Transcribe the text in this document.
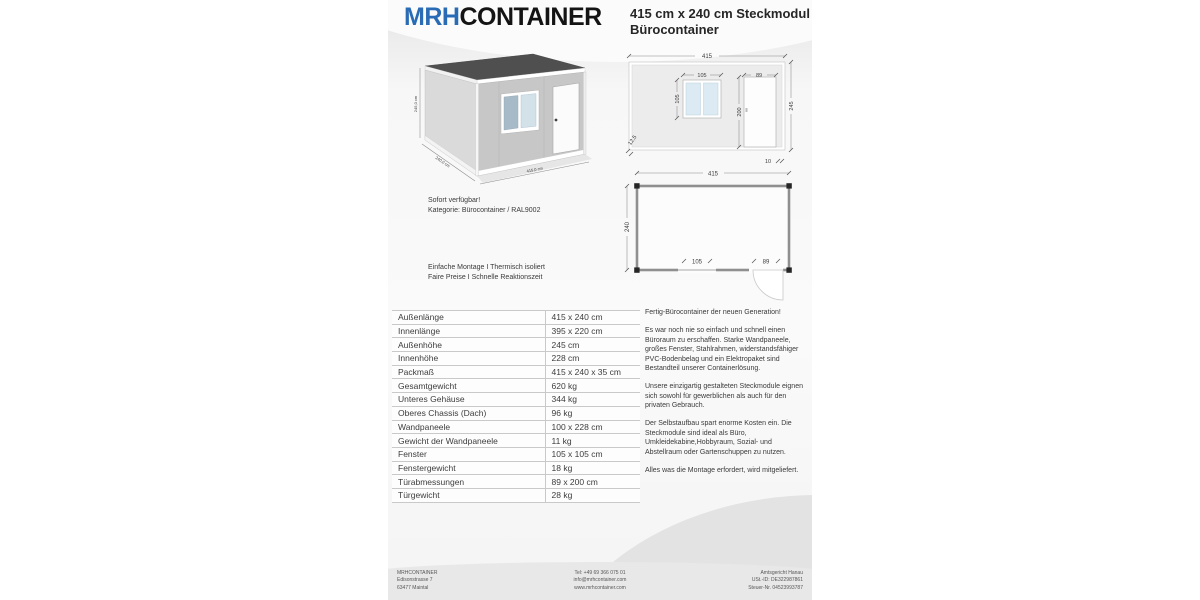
MRHCONTAINER 415 cm x 240 cm Steckmodul
Bürocontainer
245,0 cm
240,0 cm
415,0 cm
Sofort verfügbar!
Kategorie: Bürocontainer / RAL9002
Einfache Montage I Thermisch isoliert
Faire Preise I Schnelle Reaktionszeit
415
105	89
105
200
245
12,5
10
415
240
105	89
Außenlänge	415 x 240 cm
Innenlänge	395 x 220 cm
Außenhöhe	245 cm
Innenhöhe	228 cm
Packmaß	415 x 240 x 35 cm
Gesamtgewicht	620 kg
Unteres Gehäuse	344 kg
Oberes Chassis (Dach)	96 kg
Wandpaneele	100 x 228 cm
Gewicht der Wandpaneele	11 kg
Fenster	105 x 105 cm
Fenstergewicht	18 kg
Türabmessungen	89 x 200 cm
Türgewicht	28 kg

Fertig-Bürocontainer der neuen Generation!

Es war noch nie so einfach und schnell einen Büroraum zu erschaffen. Starke Wandpaneele, großes Fenster, Stahlrahmen, widerstandsfähiger PVC-Bodenbelag und ein Elektropaket sind Bestandteil unserer Containerlösung.

Unsere einzigartig gestalteten Steckmodule eignen sich sowohl für gewerblichen als auch für den privaten Gebrauch.

Der Selbstaufbau spart enorme Kosten ein. Die Steckmodule sind ideal als Büro, Umkleidekabine,Hobbyraum, Sozial- und Abstellraum oder Gartenschuppen zu nutzen.

Alles was die Montage erfordert, wird mitgeliefert.

MRHCONTAINER
Edisonstrasse 7
63477 Maintal
Tel: +49 69 366 075 01
info@mrhcontainer.com
www.mrhcontainer.com
Amtsgericht Hanau
USt.-ID: DE322987861
Steuer-Nr. 04523993787
